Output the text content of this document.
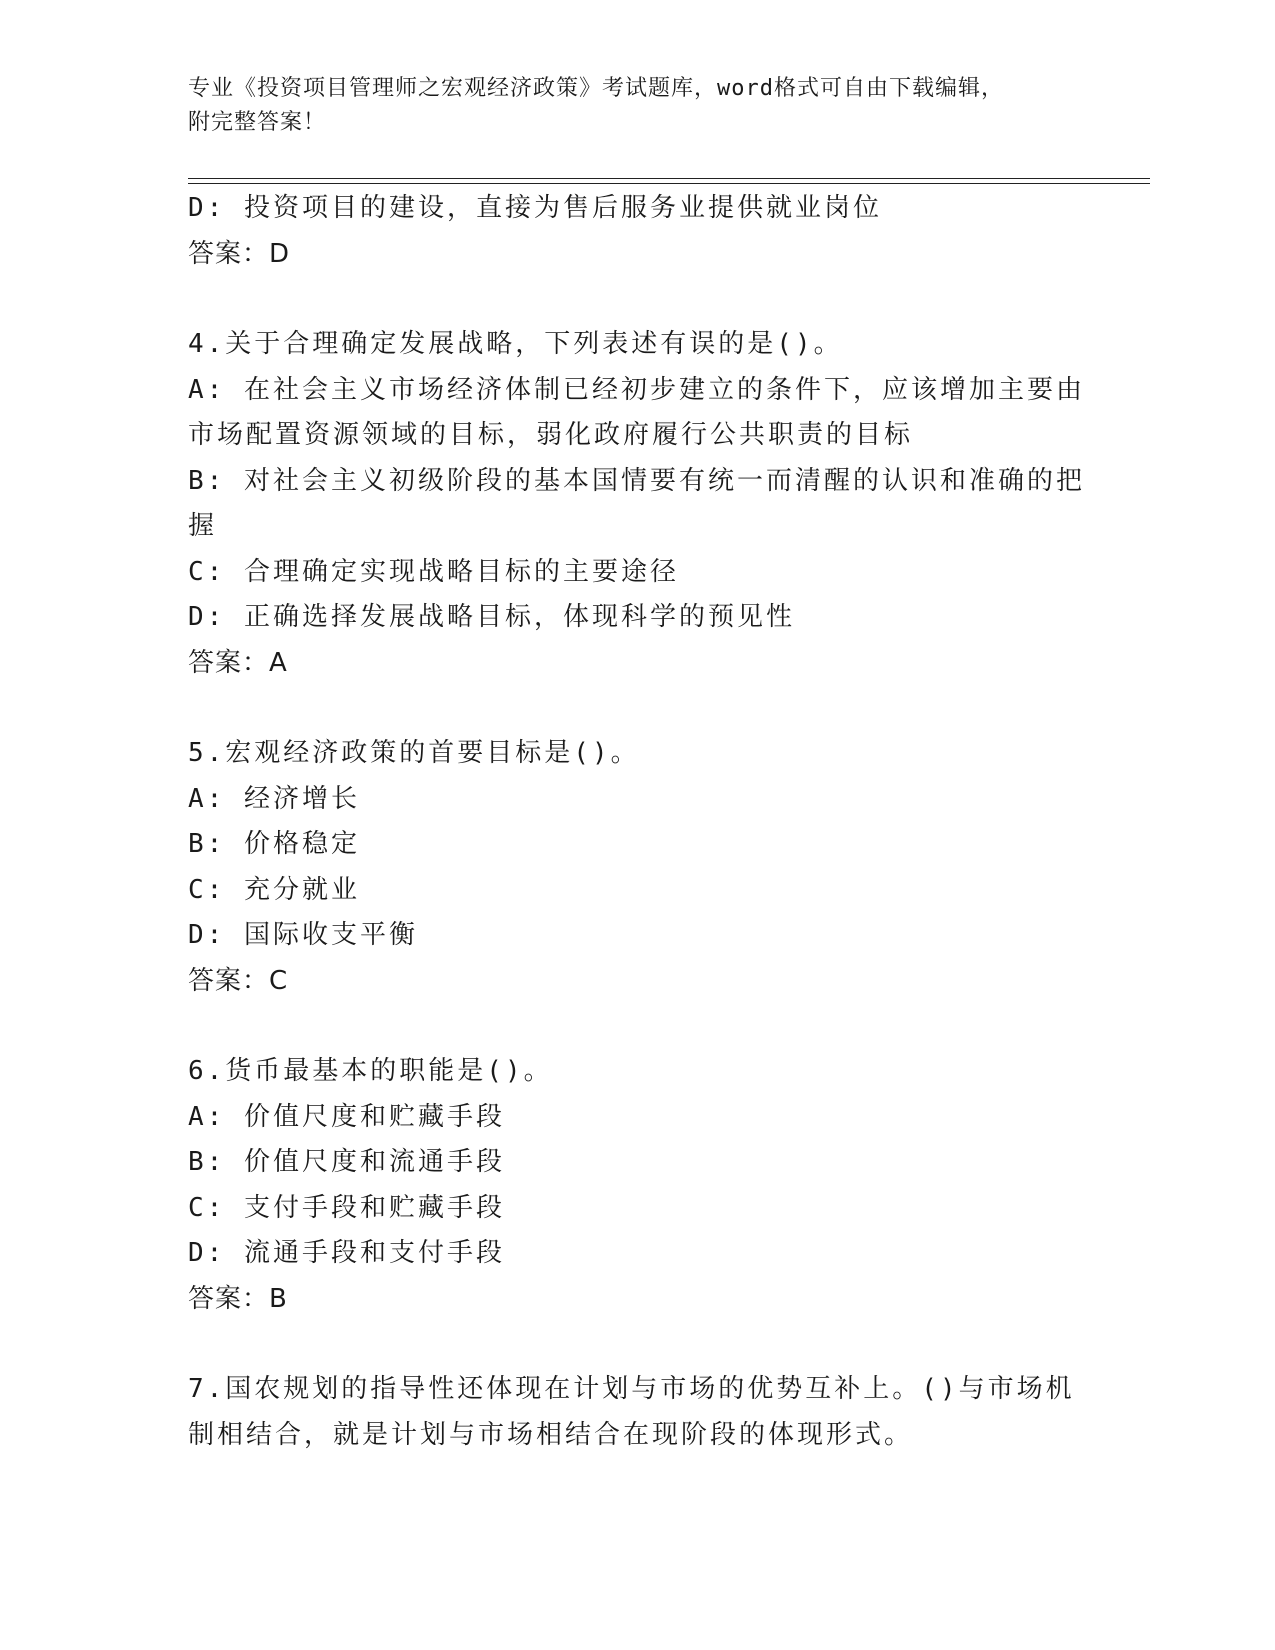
专业《投资项目管理师之宏观经济政策》考试题库，word格式可自由下载编辑，
附完整答案！
D: 投资项目的建设，直接为售后服务业提供就业岗位
答案：D
4.关于合理确定发展战略，下列表述有误的是()。
A: 在社会主义市场经济体制已经初步建立的条件下，应该增加主要由
市场配置资源领域的目标，弱化政府履行公共职责的目标
B: 对社会主义初级阶段的基本国情要有统一而清醒的认识和准确的把
握
C: 合理确定实现战略目标的主要途径
D: 正确选择发展战略目标，体现科学的预见性
答案：A
5.宏观经济政策的首要目标是()。
A: 经济增长
B: 价格稳定
C: 充分就业
D: 国际收支平衡
答案：C
6.货币最基本的职能是()。
A: 价值尺度和贮藏手段
B: 价值尺度和流通手段
C: 支付手段和贮藏手段
D: 流通手段和支付手段
答案：B
7.国农规划的指导性还体现在计划与市场的优势互补上。()与市场机
制相结合，就是计划与市场相结合在现阶段的体现形式。
